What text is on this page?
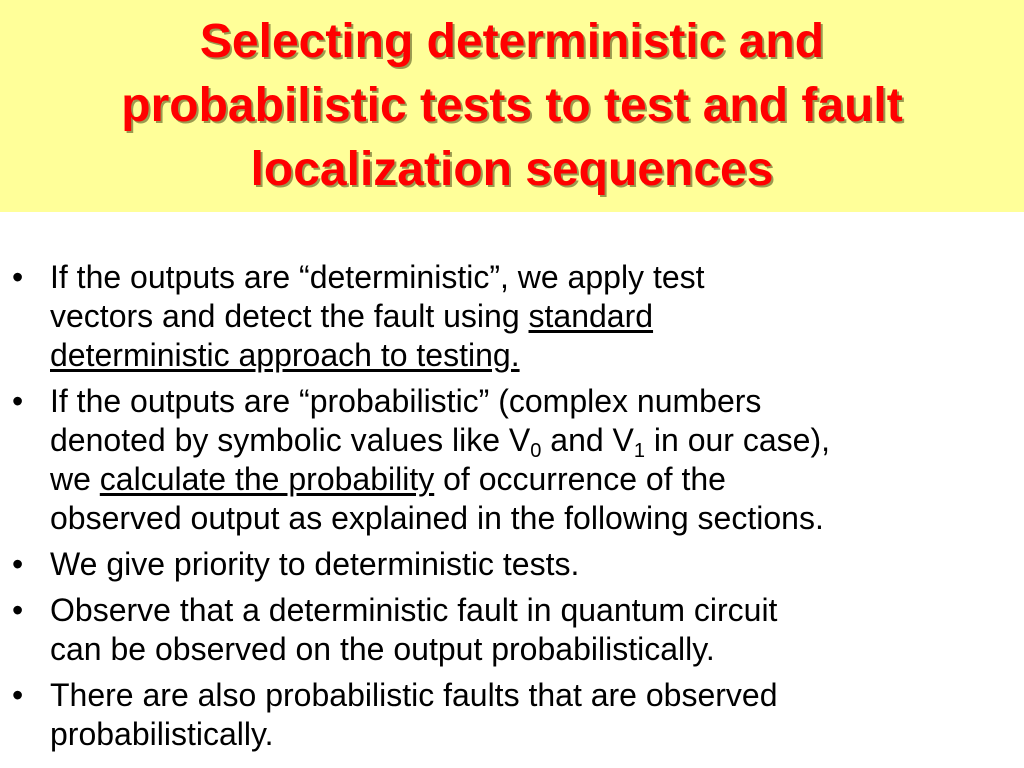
Selecting deterministic and
probabilistic tests to test and fault
localization sequences
• If the outputs are “deterministic”, we apply test
vectors and detect the fault using standard
deterministic approach to testing.
• If the outputs are “probabilistic” (complex numbers
denoted by symbolic values like $V_0$ and $V_1$ in our case),
we calculate the probability of occurrence of the
observed output as explained in the following sections.
• We give priority to deterministic tests.
• Observe that a deterministic fault in quantum circuit
can be observed on the output probabilistically.
• There are also probabilistic faults that are observed
probabilistically.
